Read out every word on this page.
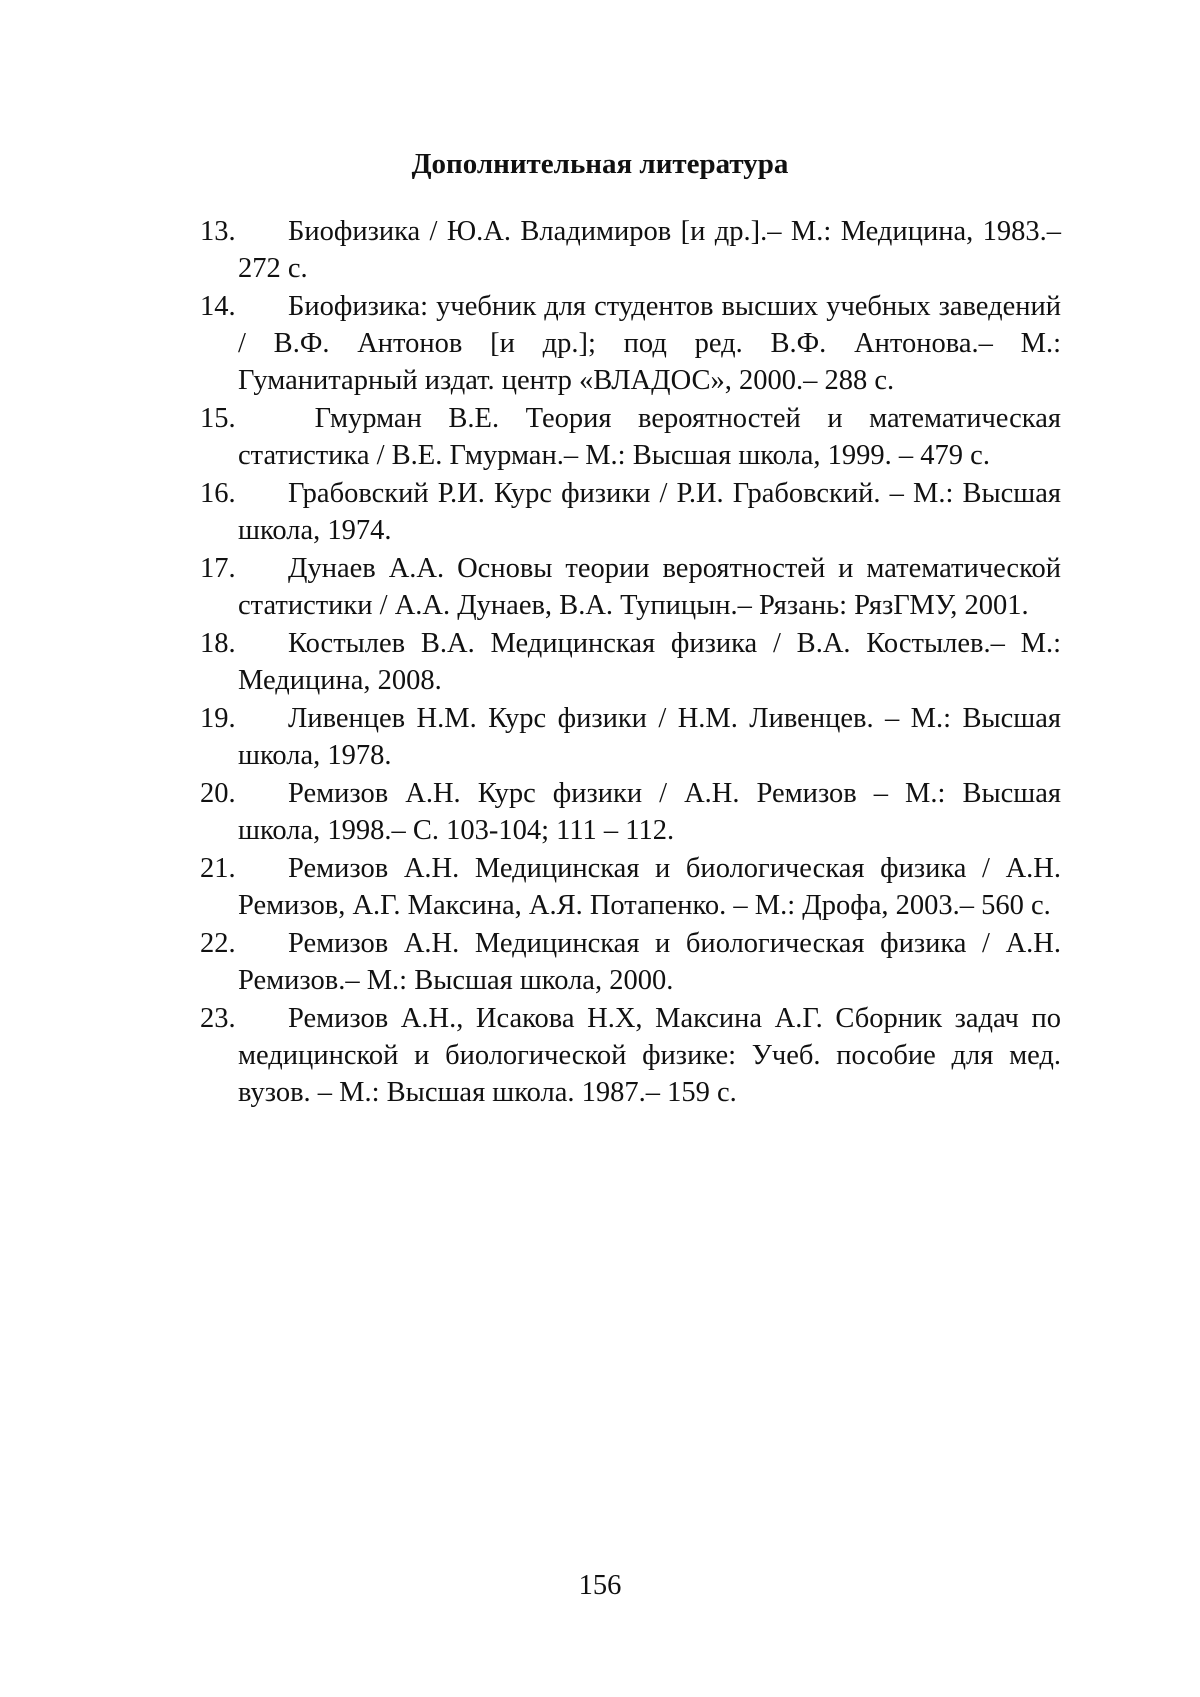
Дополнительная литература
13. Биофизика / Ю.А. Владимиров [и др.].– М.: Медицина, 1983.– 272 с.
14. Биофизика: учебник для студентов высших учебных заведений / В.Ф. Антонов [и др.]; под ред. В.Ф. Антонова.– М.: Гуманитарный издат. центр «ВЛАДОС», 2000.– 288 с.
15. Гмурман В.Е. Теория вероятностей и математическая статистика / В.Е. Гмурман.– М.: Высшая школа, 1999. – 479 с.
16. Грабовский Р.И. Курс физики / Р.И. Грабовский. – М.: Высшая школа, 1974.
17. Дунаев А.А. Основы теории вероятностей и математической статистики / А.А. Дунаев, В.А. Тупицын.– Рязань: РязГМУ, 2001.
18. Костылев В.А. Медицинская физика / В.А. Костылев.– М.: Медицина, 2008.
19. Ливенцев Н.М. Курс физики / Н.М. Ливенцев. – М.: Высшая школа, 1978.
20. Ремизов А.Н. Курс физики / А.Н. Ремизов – М.: Высшая школа, 1998.– С. 103-104; 111 – 112.
21. Ремизов А.Н. Медицинская и биологическая физика / А.Н. Ремизов, А.Г. Максина, А.Я. Потапенко. – М.: Дрофа, 2003.– 560 с.
22. Ремизов А.Н. Медицинская и биологическая физика / А.Н. Ремизов.– М.: Высшая школа, 2000.
23. Ремизов А.Н., Исакова Н.Х, Максина А.Г. Сборник задач по медицинской и биологической физике: Учеб. пособие для мед. вузов. – М.: Высшая школа. 1987.– 159 с.
156
